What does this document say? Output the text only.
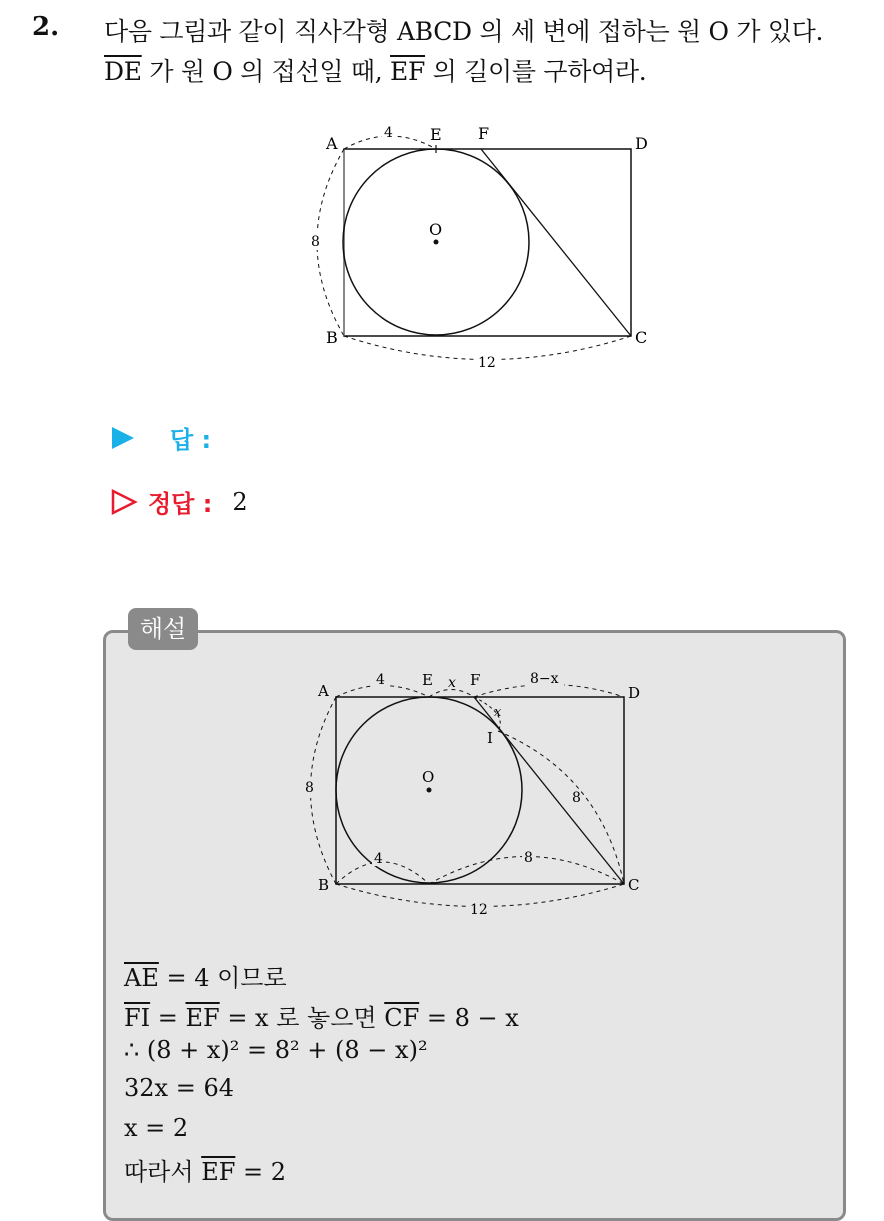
2. 다음 그림과 같이 직사각형 ABCD 의 세 변에 접하는 원 O 가 있다.
$\overline{DE}$ 가 원 O 의 접선일 때, $\overline{EF}$ 의 길이를 구하여라.
A
B	C
D
E F
O
4
8
12
답 :
정답 : 2
해설
A
B	C
D
E F
I
O
4	x	8−x
x
8
4	8
8
12
$\overline{AE} = 4$ 이므로
$\overline{FI} = \overline{EF} = x$ 로 놓으면 $\overline{CF} = 8 - x$
∴ (8 + x)² = 8² + (8 − x)²
32x = 64
x = 2
따라서 $\overline{EF} = 2$
